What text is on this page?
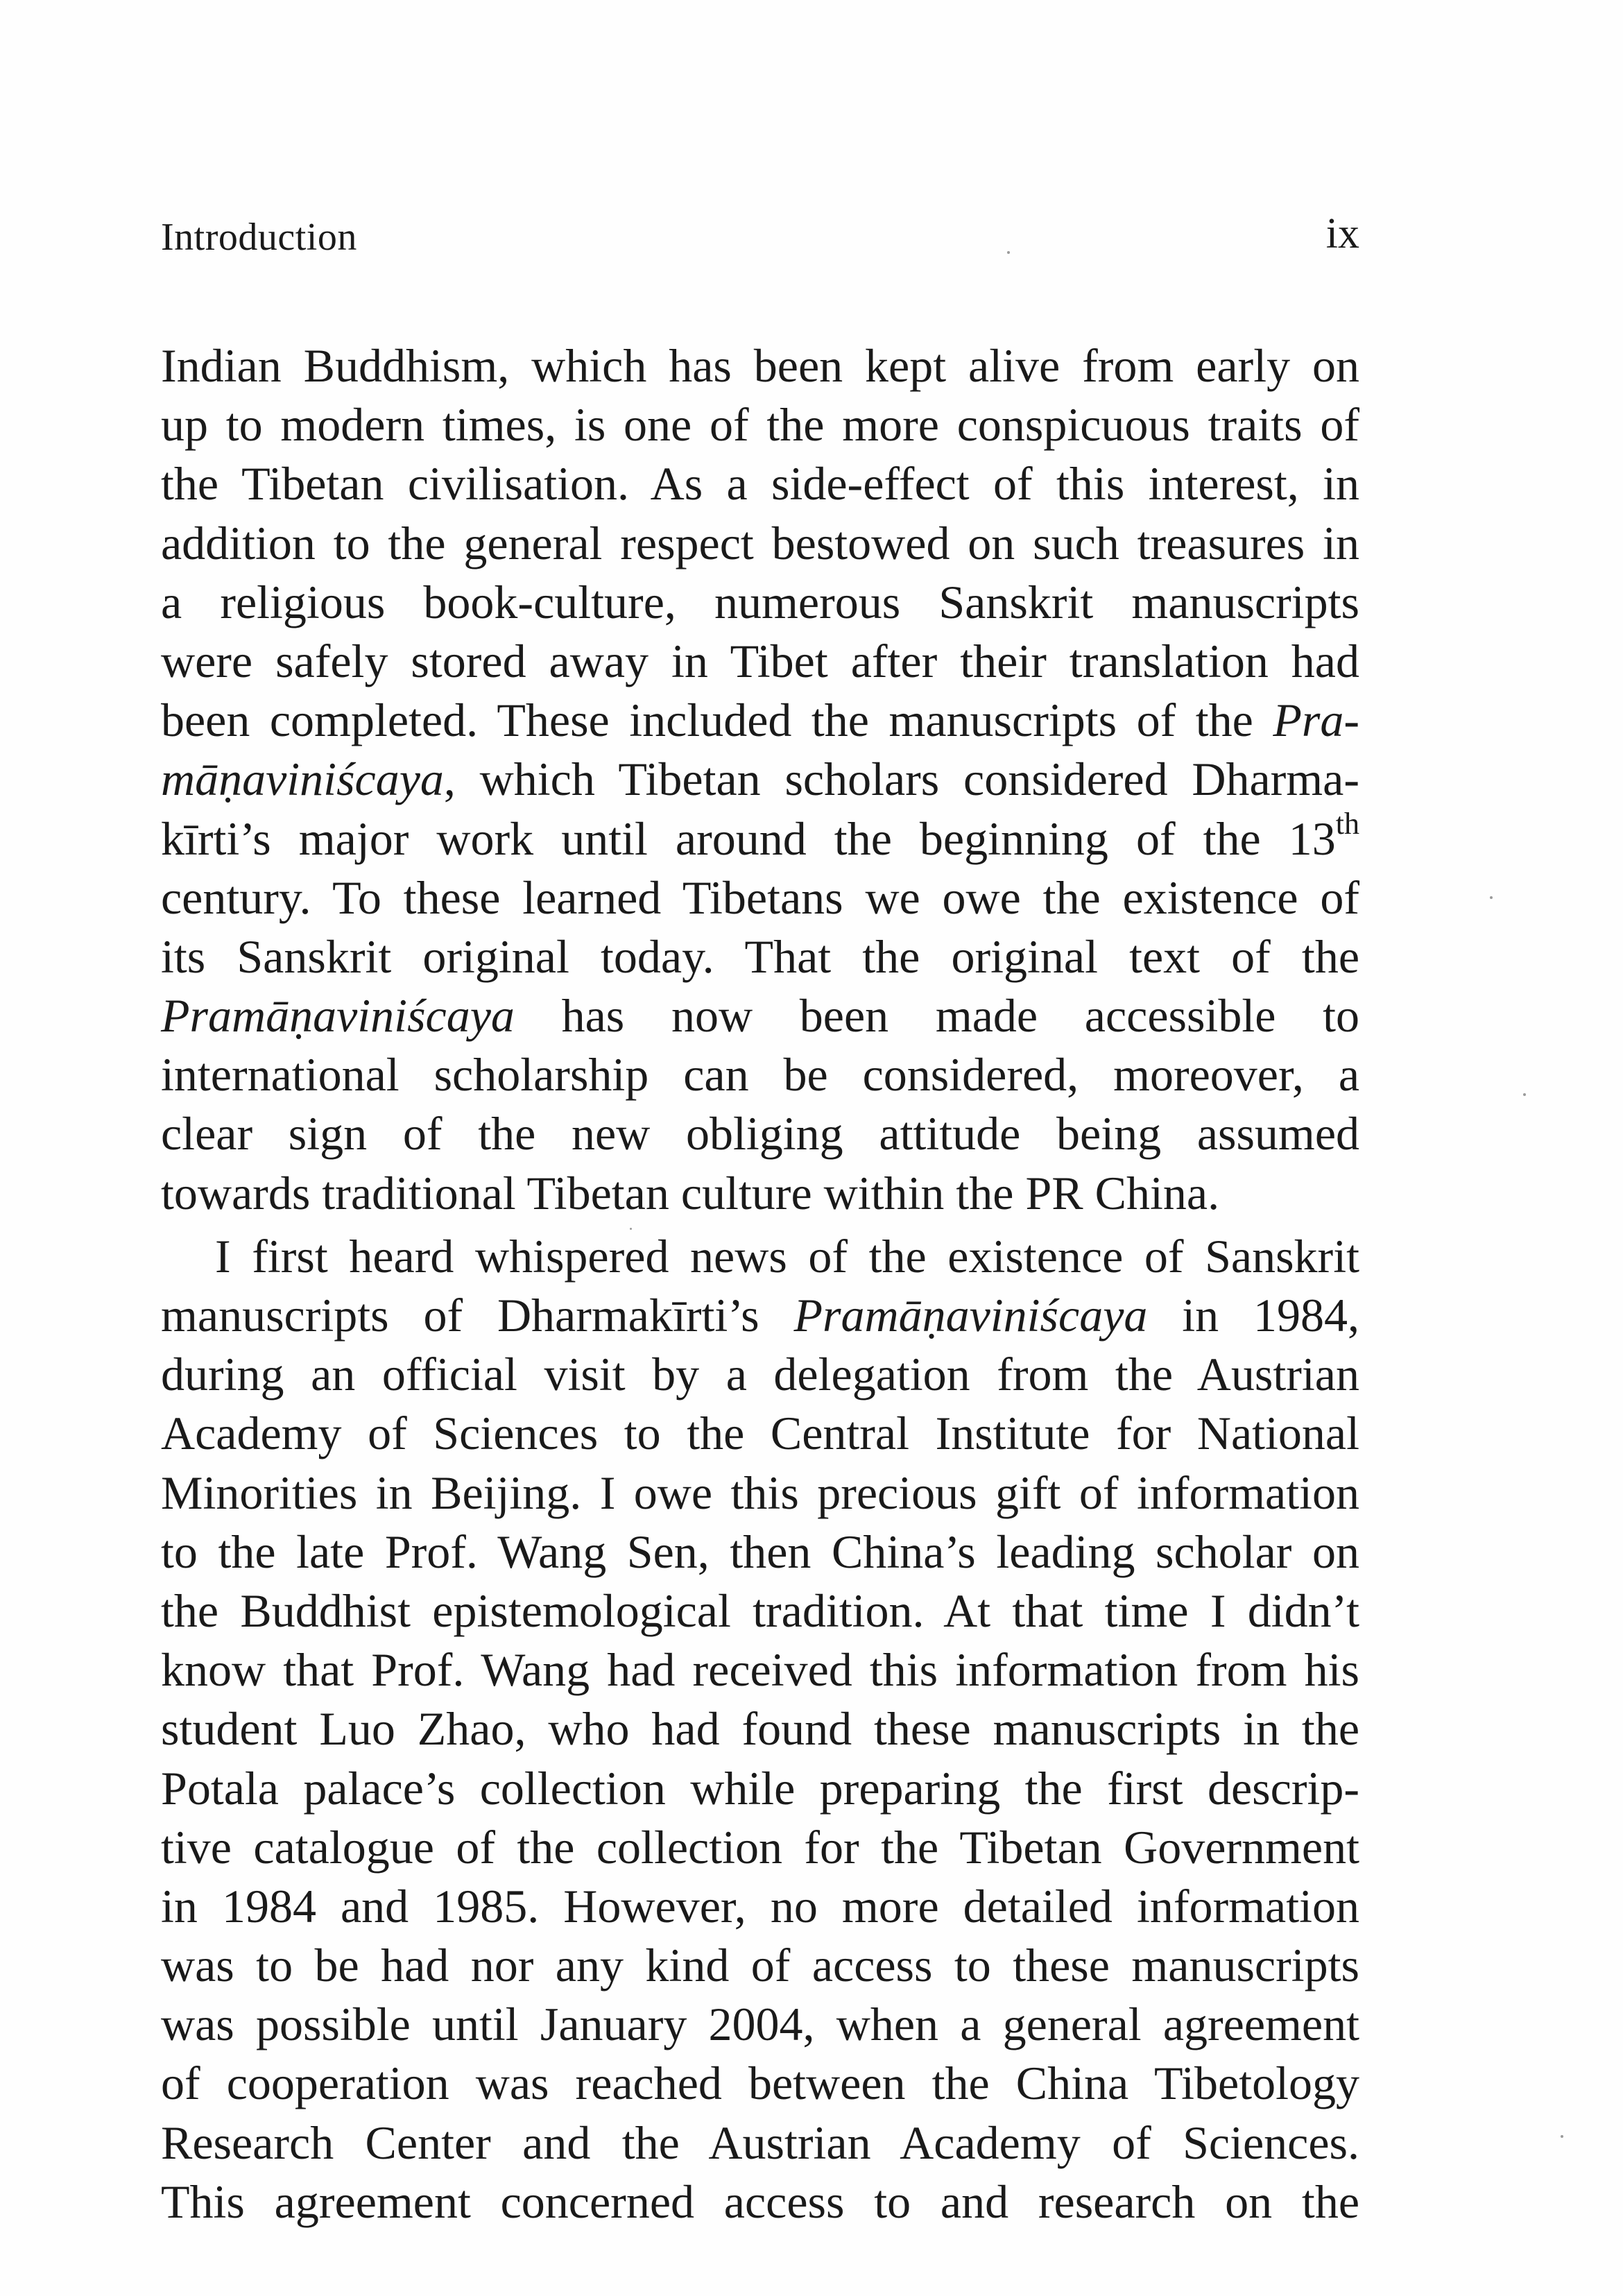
Introduction	ix
Indian Buddhism, which has been kept alive from early on
up to modern times, is one of the more conspicuous traits of
the Tibetan civilisation. As a side-effect of this interest, in
addition to the general respect bestowed on such treasures in
a religious book-culture, numerous Sanskrit manuscripts
were safely stored away in Tibet after their translation had
been completed. These included the manuscripts of the Pra-
māṇaviniścaya, which Tibetan scholars considered Dharma-
kīrti’s major work until around the beginning of the 13th
century. To these learned Tibetans we owe the existence of
its Sanskrit original today. That the original text of the
Pramāṇaviniścaya has now been made accessible to
international scholarship can be considered, moreover, a
clear sign of the new obliging attitude being assumed
towards traditional Tibetan culture within the PR China.
I first heard whispered news of the existence of Sanskrit
manuscripts of Dharmakīrti’s Pramāṇaviniścaya in 1984,
during an official visit by a delegation from the Austrian
Academy of Sciences to the Central Institute for National
Minorities in Beijing. I owe this precious gift of information
to the late Prof. Wang Sen, then China’s leading scholar on
the Buddhist epistemological tradition. At that time I didn’t
know that Prof. Wang had received this information from his
student Luo Zhao, who had found these manuscripts in the
Potala palace’s collection while preparing the first descrip-
tive catalogue of the collection for the Tibetan Government
in 1984 and 1985. However, no more detailed information
was to be had nor any kind of access to these manuscripts
was possible until January 2004, when a general agreement
of cooperation was reached between the China Tibetology
Research Center and the Austrian Academy of Sciences.
This agreement concerned access to and research on the
